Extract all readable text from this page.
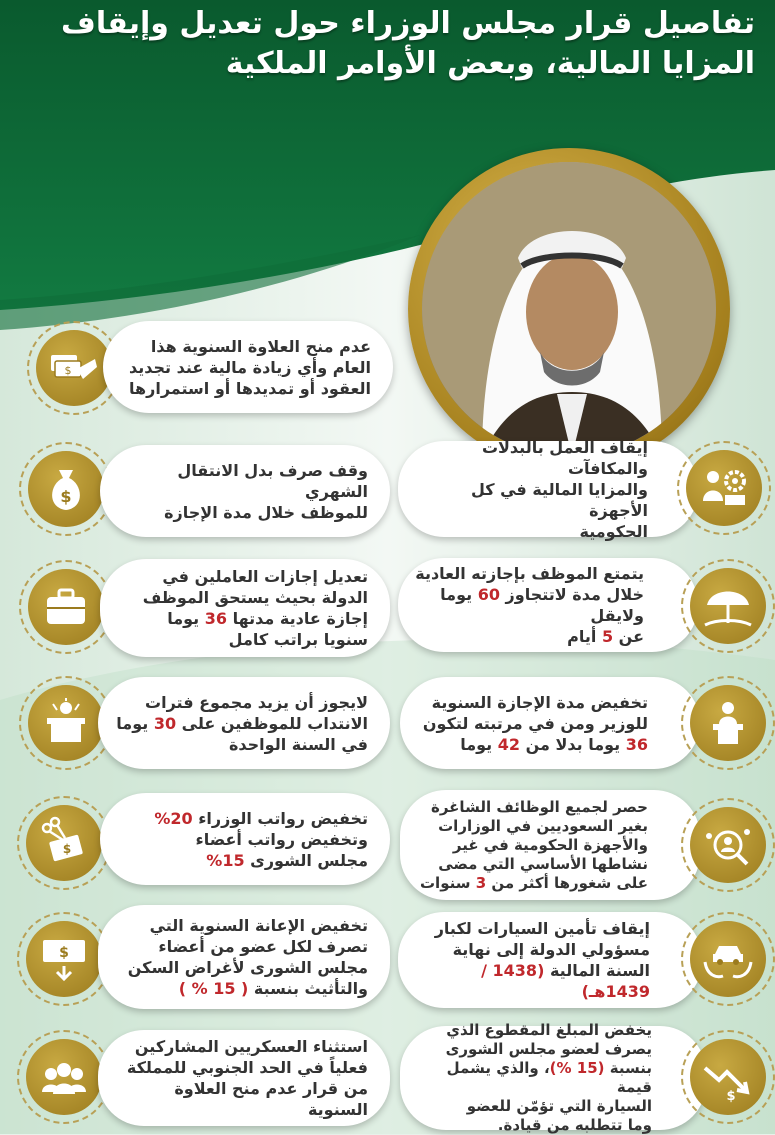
تفاصيل قرار مجلس الوزراء حول تعديل وإيقاف
المزايا المالية، وبعض الأوامر الملكية
$
عدم منح العلاوة السنوية هذا
العام وأي زيادة مالية عند تجديد
العقود أو تمديدها أو استمرارها
$
وقف صرف بدل الانتقال الشهري
للموظف خلال مدة الإجازة
تعديل إجازات العاملين في
الدولة بحيث يستحق الموظف
إجازة عادية مدتها 36 يوما
سنويا براتب كامل
لايجوز أن يزيد مجموع فترات
الانتداب للموظفين على 30 يوما
في السنة الواحدة
$
تخفيض رواتب الوزراء 20%
وتخفيض رواتب أعضاء
مجلس الشورى 15%
$
تخفيض الإعانة السنوية التي
تصرف لكل عضو من أعضاء
مجلس الشورى لأغراض السكن
والتأثيث بنسبة ( 15 % )
استثناء العسكريين المشاركين
فعلياً في الحد الجنوبي للمملكة
من قرار عدم منح العلاوة السنوية
إيقاف العمل بالبدلات والمكافآت
والمزايا المالية في كل الأجهزة
الحكومية
يتمتع الموظف بإجازته العادية
خلال مدة لاتتجاوز 60 يوما ولايقل
عن 5 أيام
تخفيض مدة الإجازة السنوية
للوزير ومن في مرتبته لتكون
36 يوما بدلا من 42 يوما
حصر لجميع الوظائف الشاغرة
بغير السعوديين في الوزارات
والأجهزة الحكومية في غير
نشاطها الأساسي التي مضى
على شغورها أكثر من 3 سنوات
إيقاف تأمين السيارات لكبار
مسؤولي الدولة إلى نهاية
السنة المالية (1438 / 1439هـ)
يخفض المبلغ المقطوع الذي
يصرف لعضو مجلس الشورى
بنسبة (15 %)، والذي يشمل قيمة
السيارة التي تؤمّن للعضو
وما تتطلبه من قيادة.
$
